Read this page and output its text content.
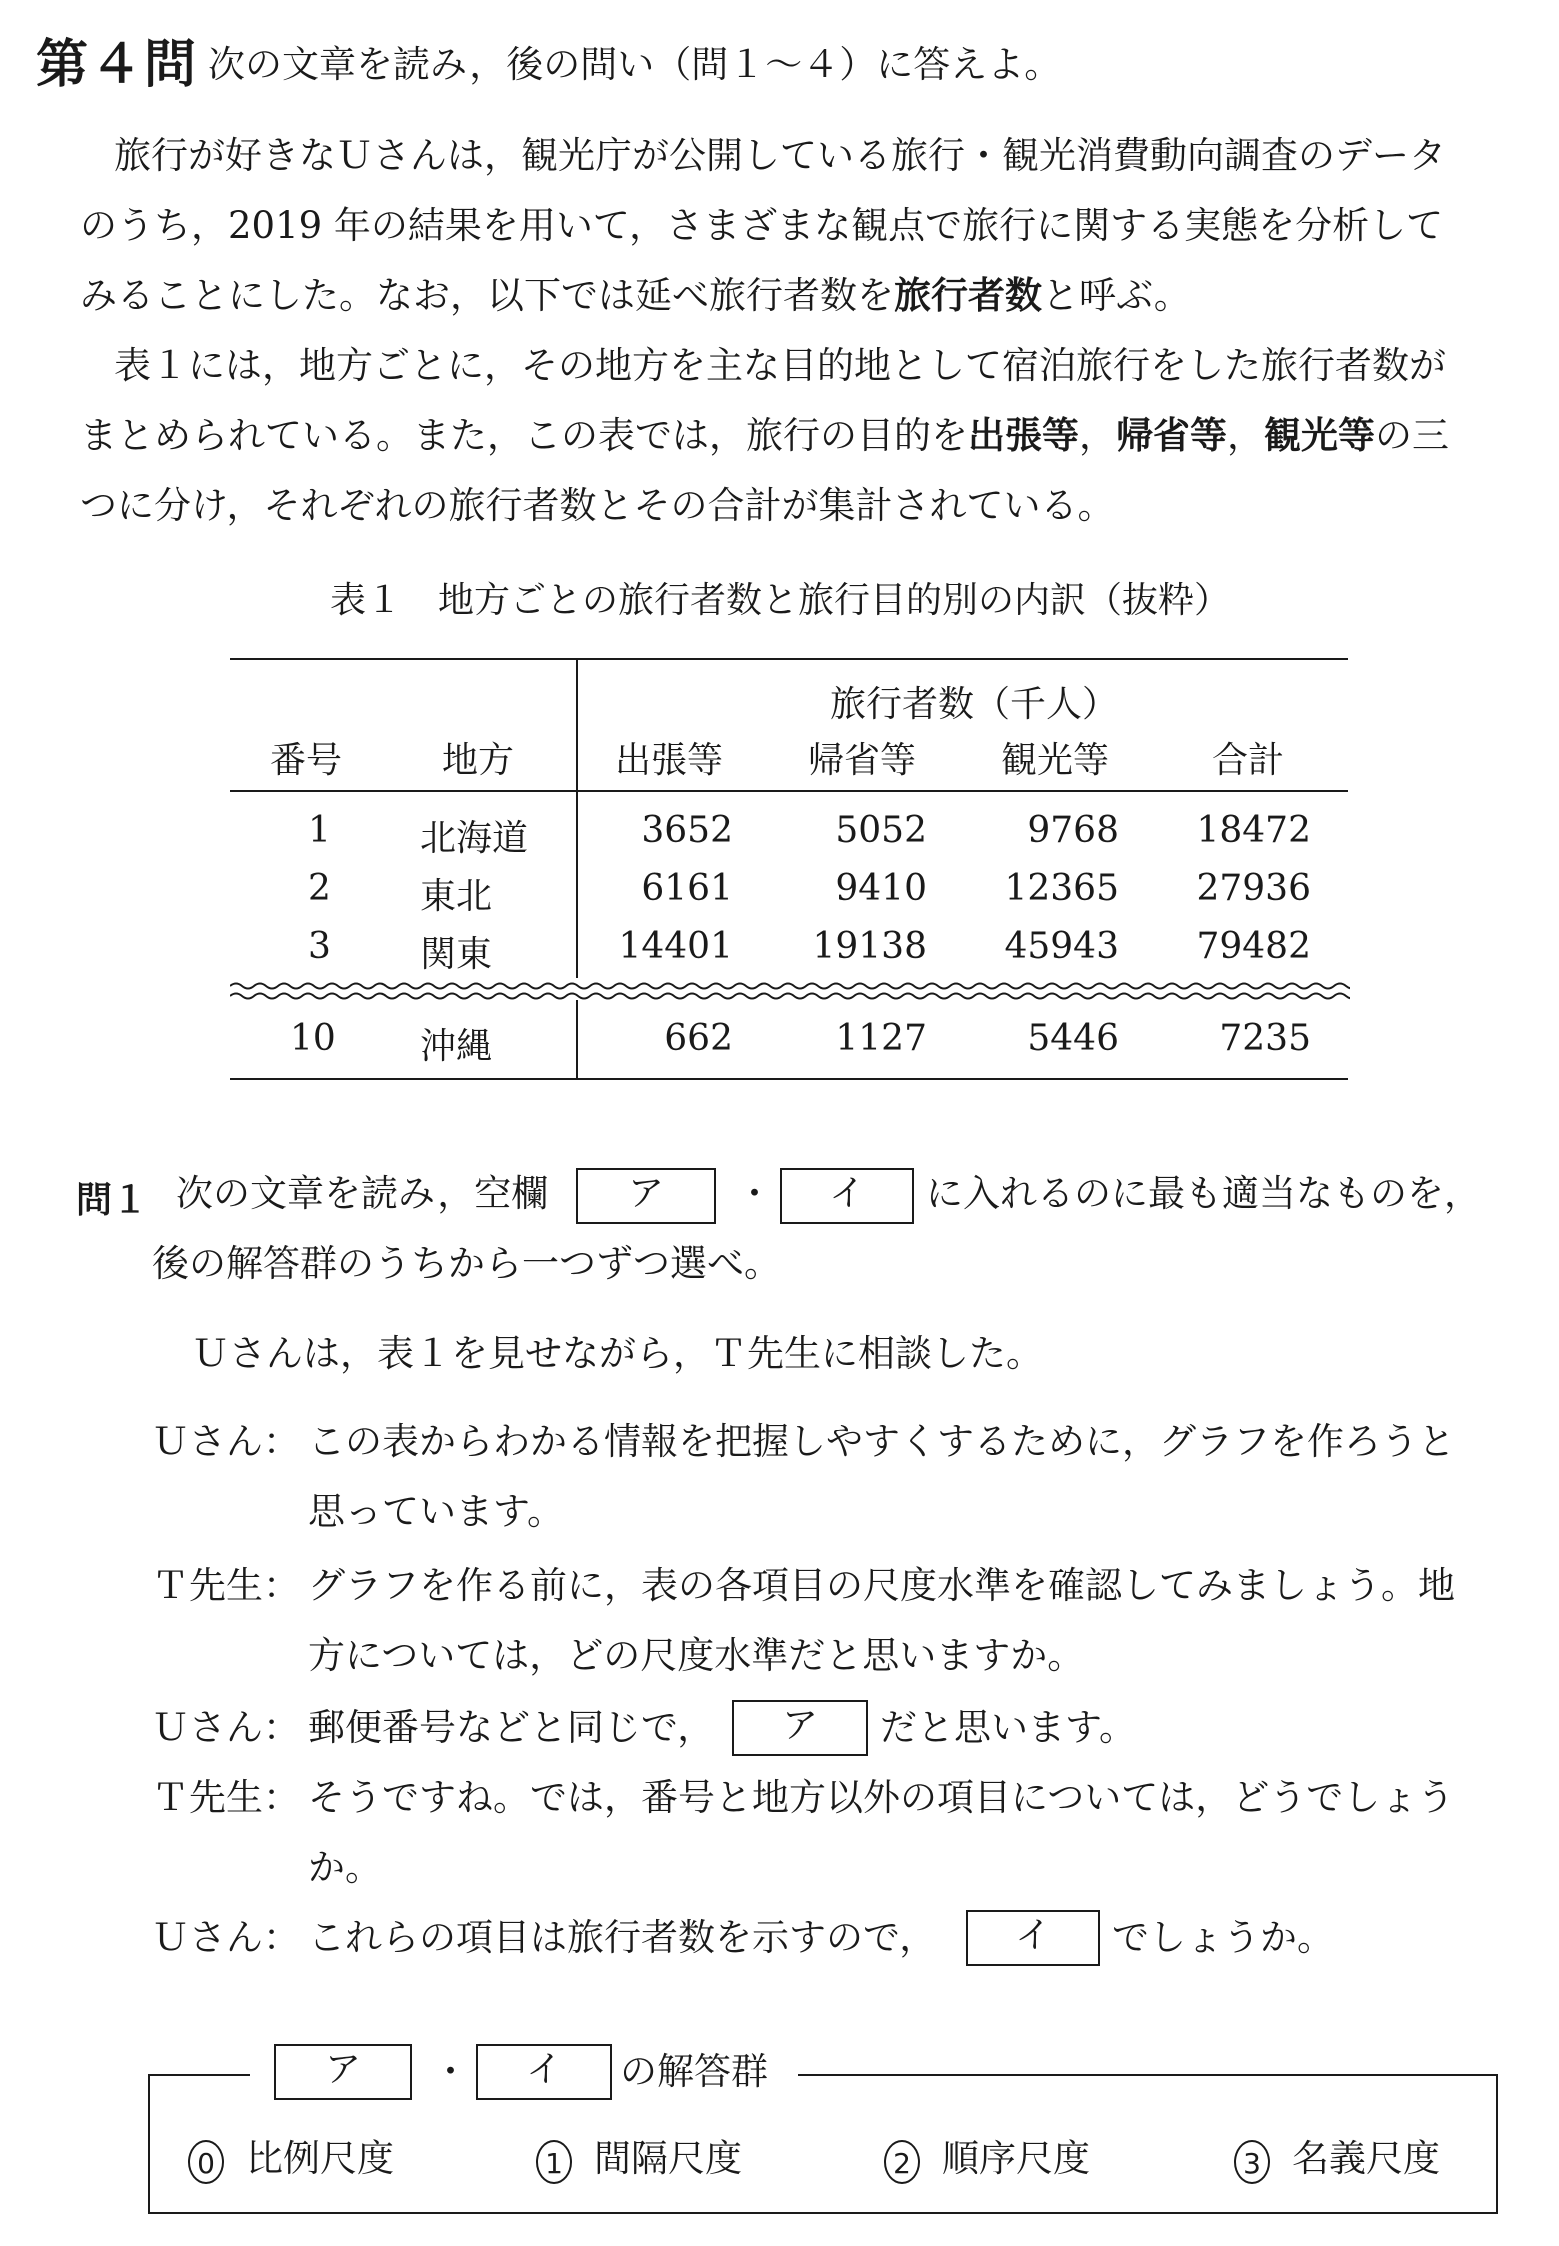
第４問 次の文章を読み，後の問い（問１～４）に答えよ。
旅行が好きなＵさんは，観光庁が公開している旅行・観光消費動向調査のデータ
のうち，2019 年の結果を用いて，さまざまな観点で旅行に関する実態を分析して
みることにした。なお，以下では延べ旅行者数を旅行者数と呼ぶ。
表１には，地方ごとに，その地方を主な目的地として宿泊旅行をした旅行者数が
まとめられている。また，この表では，旅行の目的を出張等，帰省等，観光等の三
つに分け，それぞれの旅行者数とその合計が集計されている。
表１　地方ごとの旅行者数と旅行目的別の内訳（抜粋）
旅行者数（千人）
番号	地方	出張等 帰省等 観光等	合計
1 北海道	3652	5052	9768 18472
2 東北	6161	9410 12365 27936
3 関東	14401 19138 45943 79482
10 沖縄	662	1127	5446	7235
問１ 次の文章を読み，空欄	ア	・	イ	に入れるのに最も適当なものを，
後の解答群のうちから一つずつ選べ。
Ｕさんは，表１を見せながら，Ｔ先生に相談した。
Ｕさん： この表からわかる情報を把握しやすくするために，グラフを作ろうと
思っています。
Ｔ先生： グラフを作る前に，表の各項目の尺度水準を確認してみましょう。地
方については，どの尺度水準だと思いますか。
Ｕさん： 郵便番号などと同じで，	ア	だと思います。
Ｔ先生： そうですね。では，番号と地方以外の項目については，どうでしょう
か。
Ｕさん： これらの項目は旅行者数を示すので，	イ	でしょうか。
ア	・	イ	の解答群
0 比例尺度	1 間隔尺度	2 順序尺度	3 名義尺度
